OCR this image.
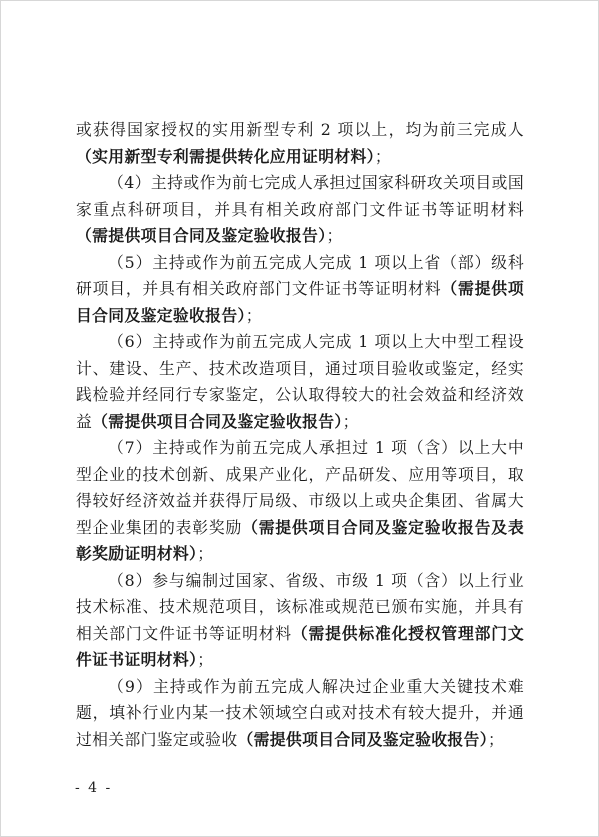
或获得国家授权的实用新型专利 2 项以上，均为前三完成人（实用新型专利需提供转化应用证明材料）；

（4）主持或作为前七完成人承担过国家科研攻关项目或国家重点科研项目，并具有相关政府部门文件证书等证明材料（需提供项目合同及鉴定验收报告）；

（5）主持或作为前五完成人完成 1 项以上省（部）级科研项目，并具有相关政府部门文件证书等证明材料（需提供项目合同及鉴定验收报告）；

（6）主持或作为前五完成人完成 1 项以上大中型工程设计、建设、生产、技术改造项目，通过项目验收或鉴定，经实践检验并经同行专家鉴定，公认取得较大的社会效益和经济效益（需提供项目合同及鉴定验收报告）；

（7）主持或作为前五完成人承担过 1 项（含）以上大中型企业的技术创新、成果产业化，产品研发、应用等项目，取得较好经济效益并获得厅局级、市级以上或央企集团、省属大型企业集团的表彰奖励（需提供项目合同及鉴定验收报告及表彰奖励证明材料）；

（8）参与编制过国家、省级、市级 1 项（含）以上行业技术标准、技术规范项目，该标准或规范已颁布实施，并具有相关部门文件证书等证明材料（需提供标准化授权管理部门文件证书证明材料）；

（9）主持或作为前五完成人解决过企业重大关键技术难题，填补行业内某一技术领域空白或对技术有较大提升，并通过相关部门鉴定或验收（需提供项目合同及鉴定验收报告）；

- 4 -
